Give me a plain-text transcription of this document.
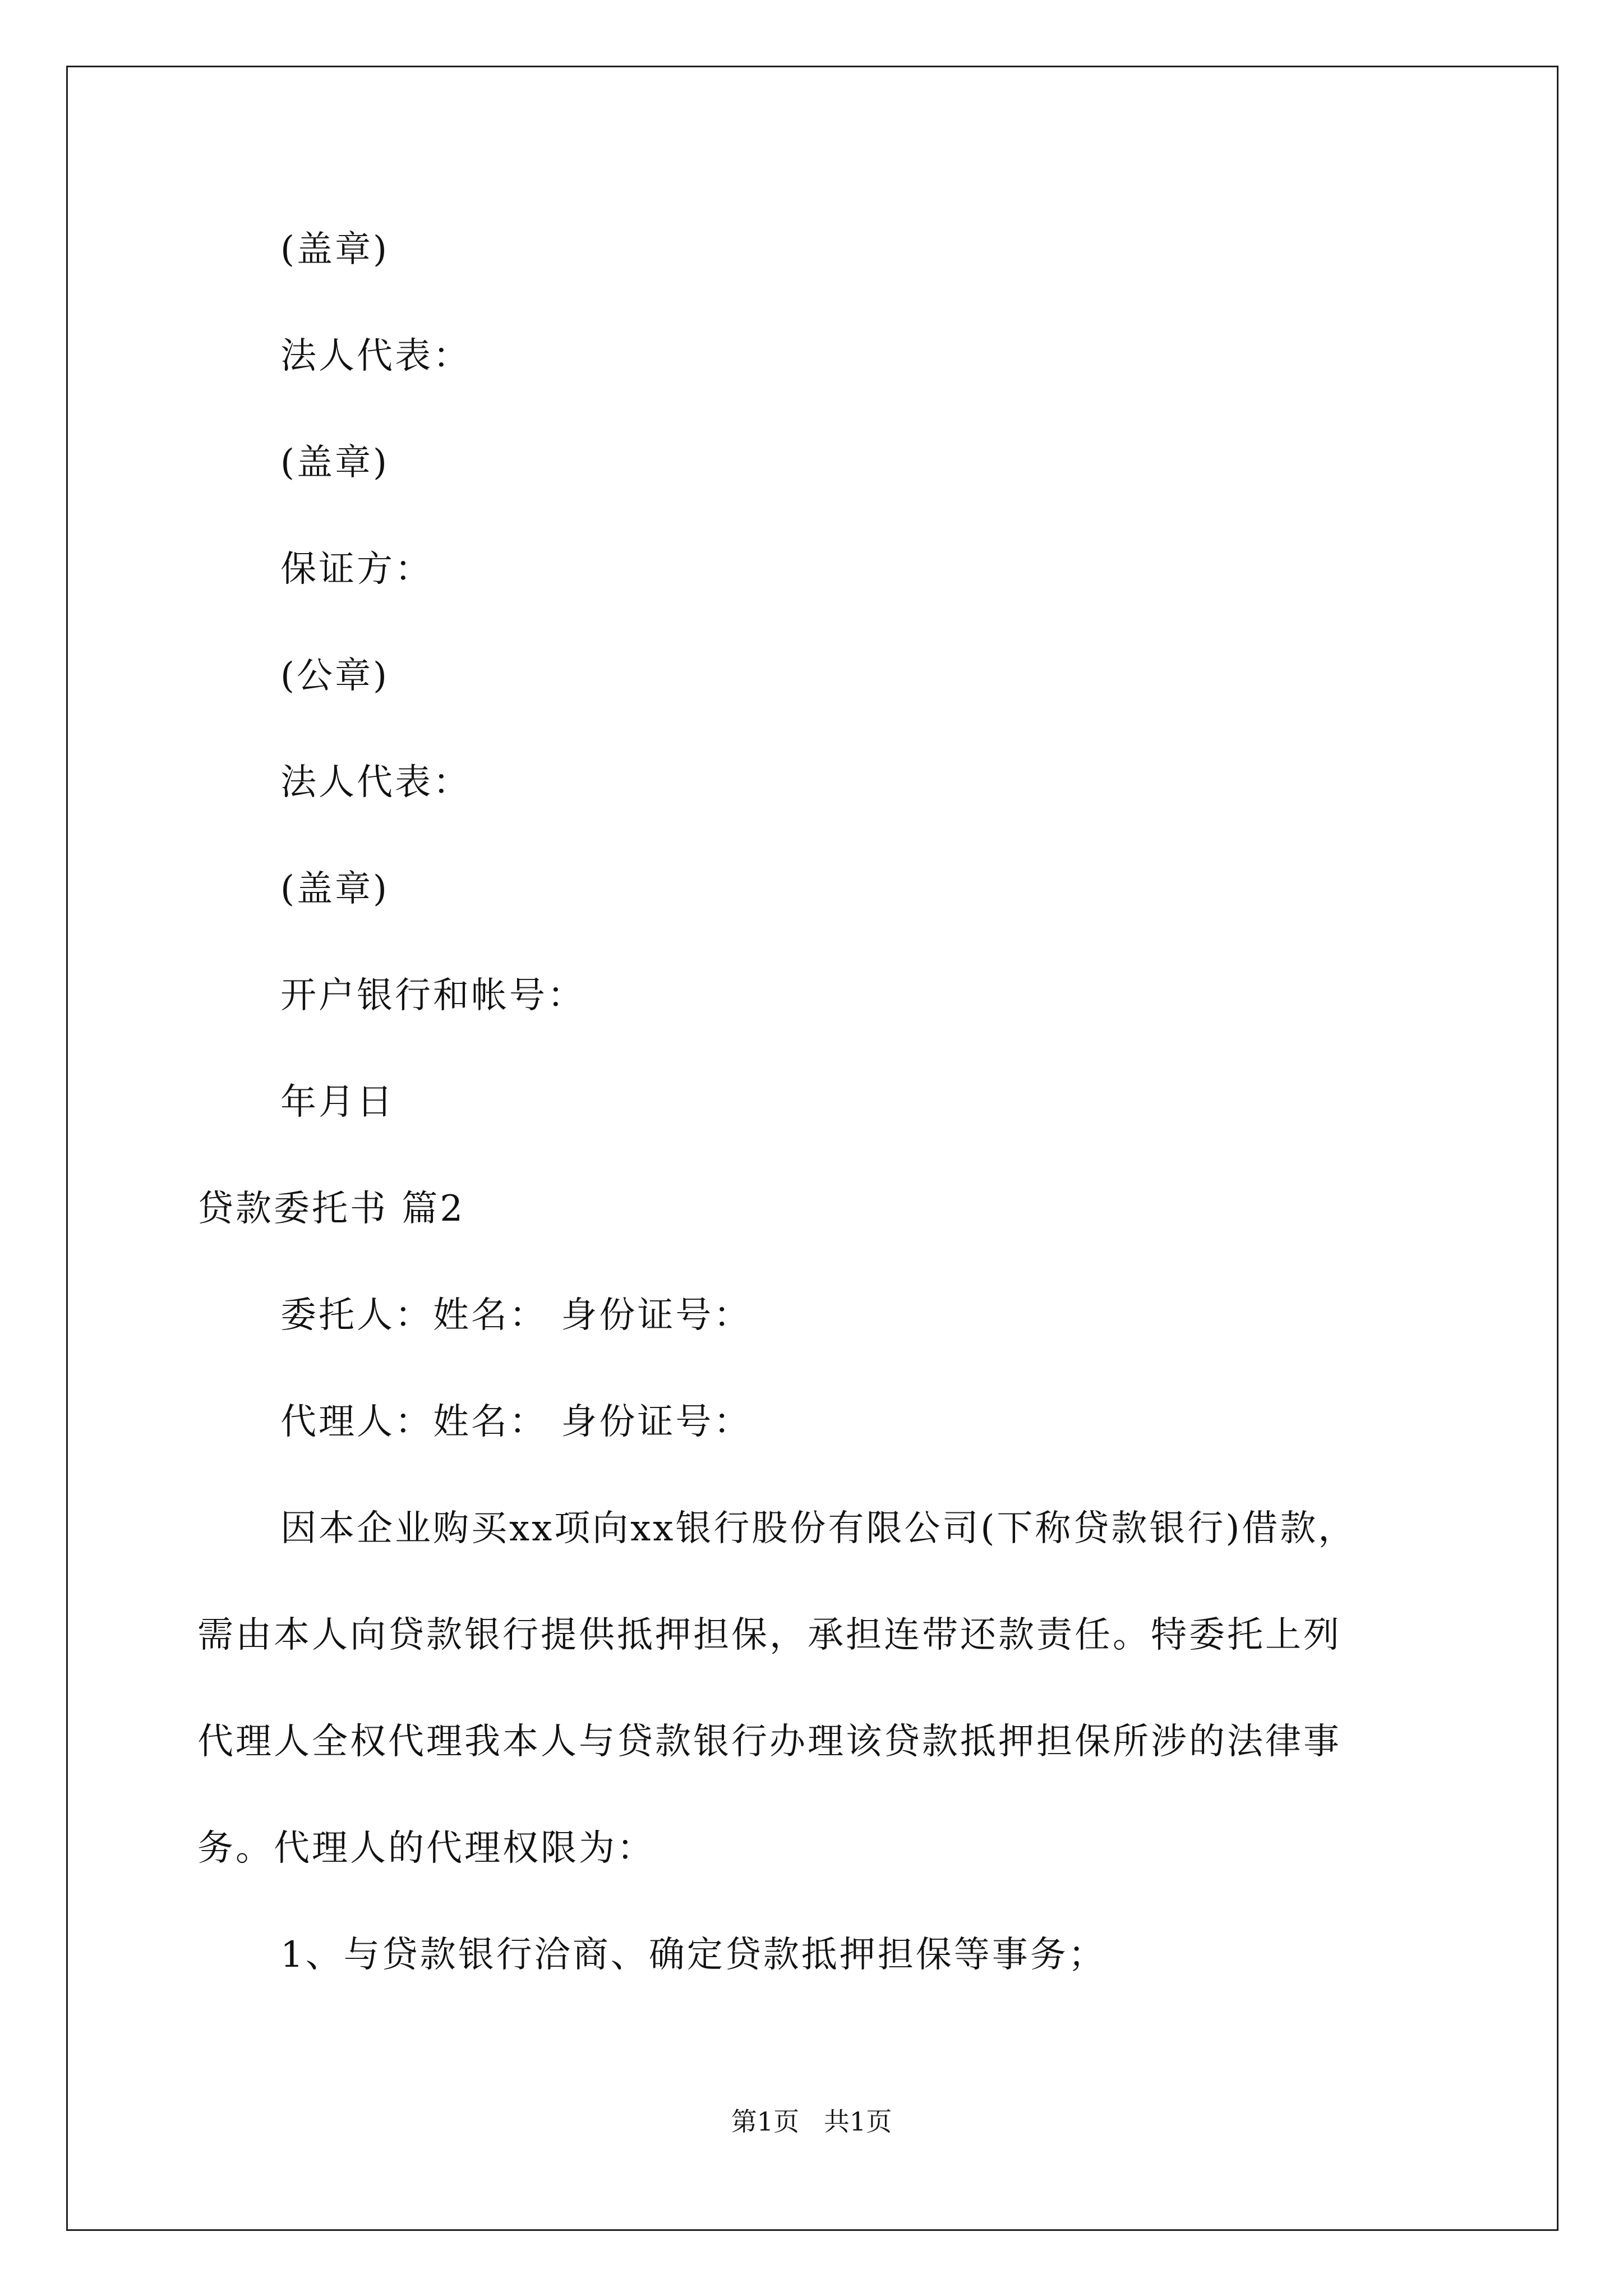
(盖章)
法人代表：
(盖章)
保证方：
(公章)
法人代表：
(盖章)
开户银行和帐号：
年月日
贷款委托书 篇2
委托人：姓名： 身份证号：
代理人：姓名： 身份证号：
因本企业购买xx项向xx银行股份有限公司(下称贷款银行)借款，
需由本人向贷款银行提供抵押担保，承担连带还款责任。特委托上列
代理人全权代理我本人与贷款银行办理该贷款抵押担保所涉的法律事
务。代理人的代理权限为：
1、与贷款银行洽商、确定贷款抵押担保等事务；
第1页   共1页
